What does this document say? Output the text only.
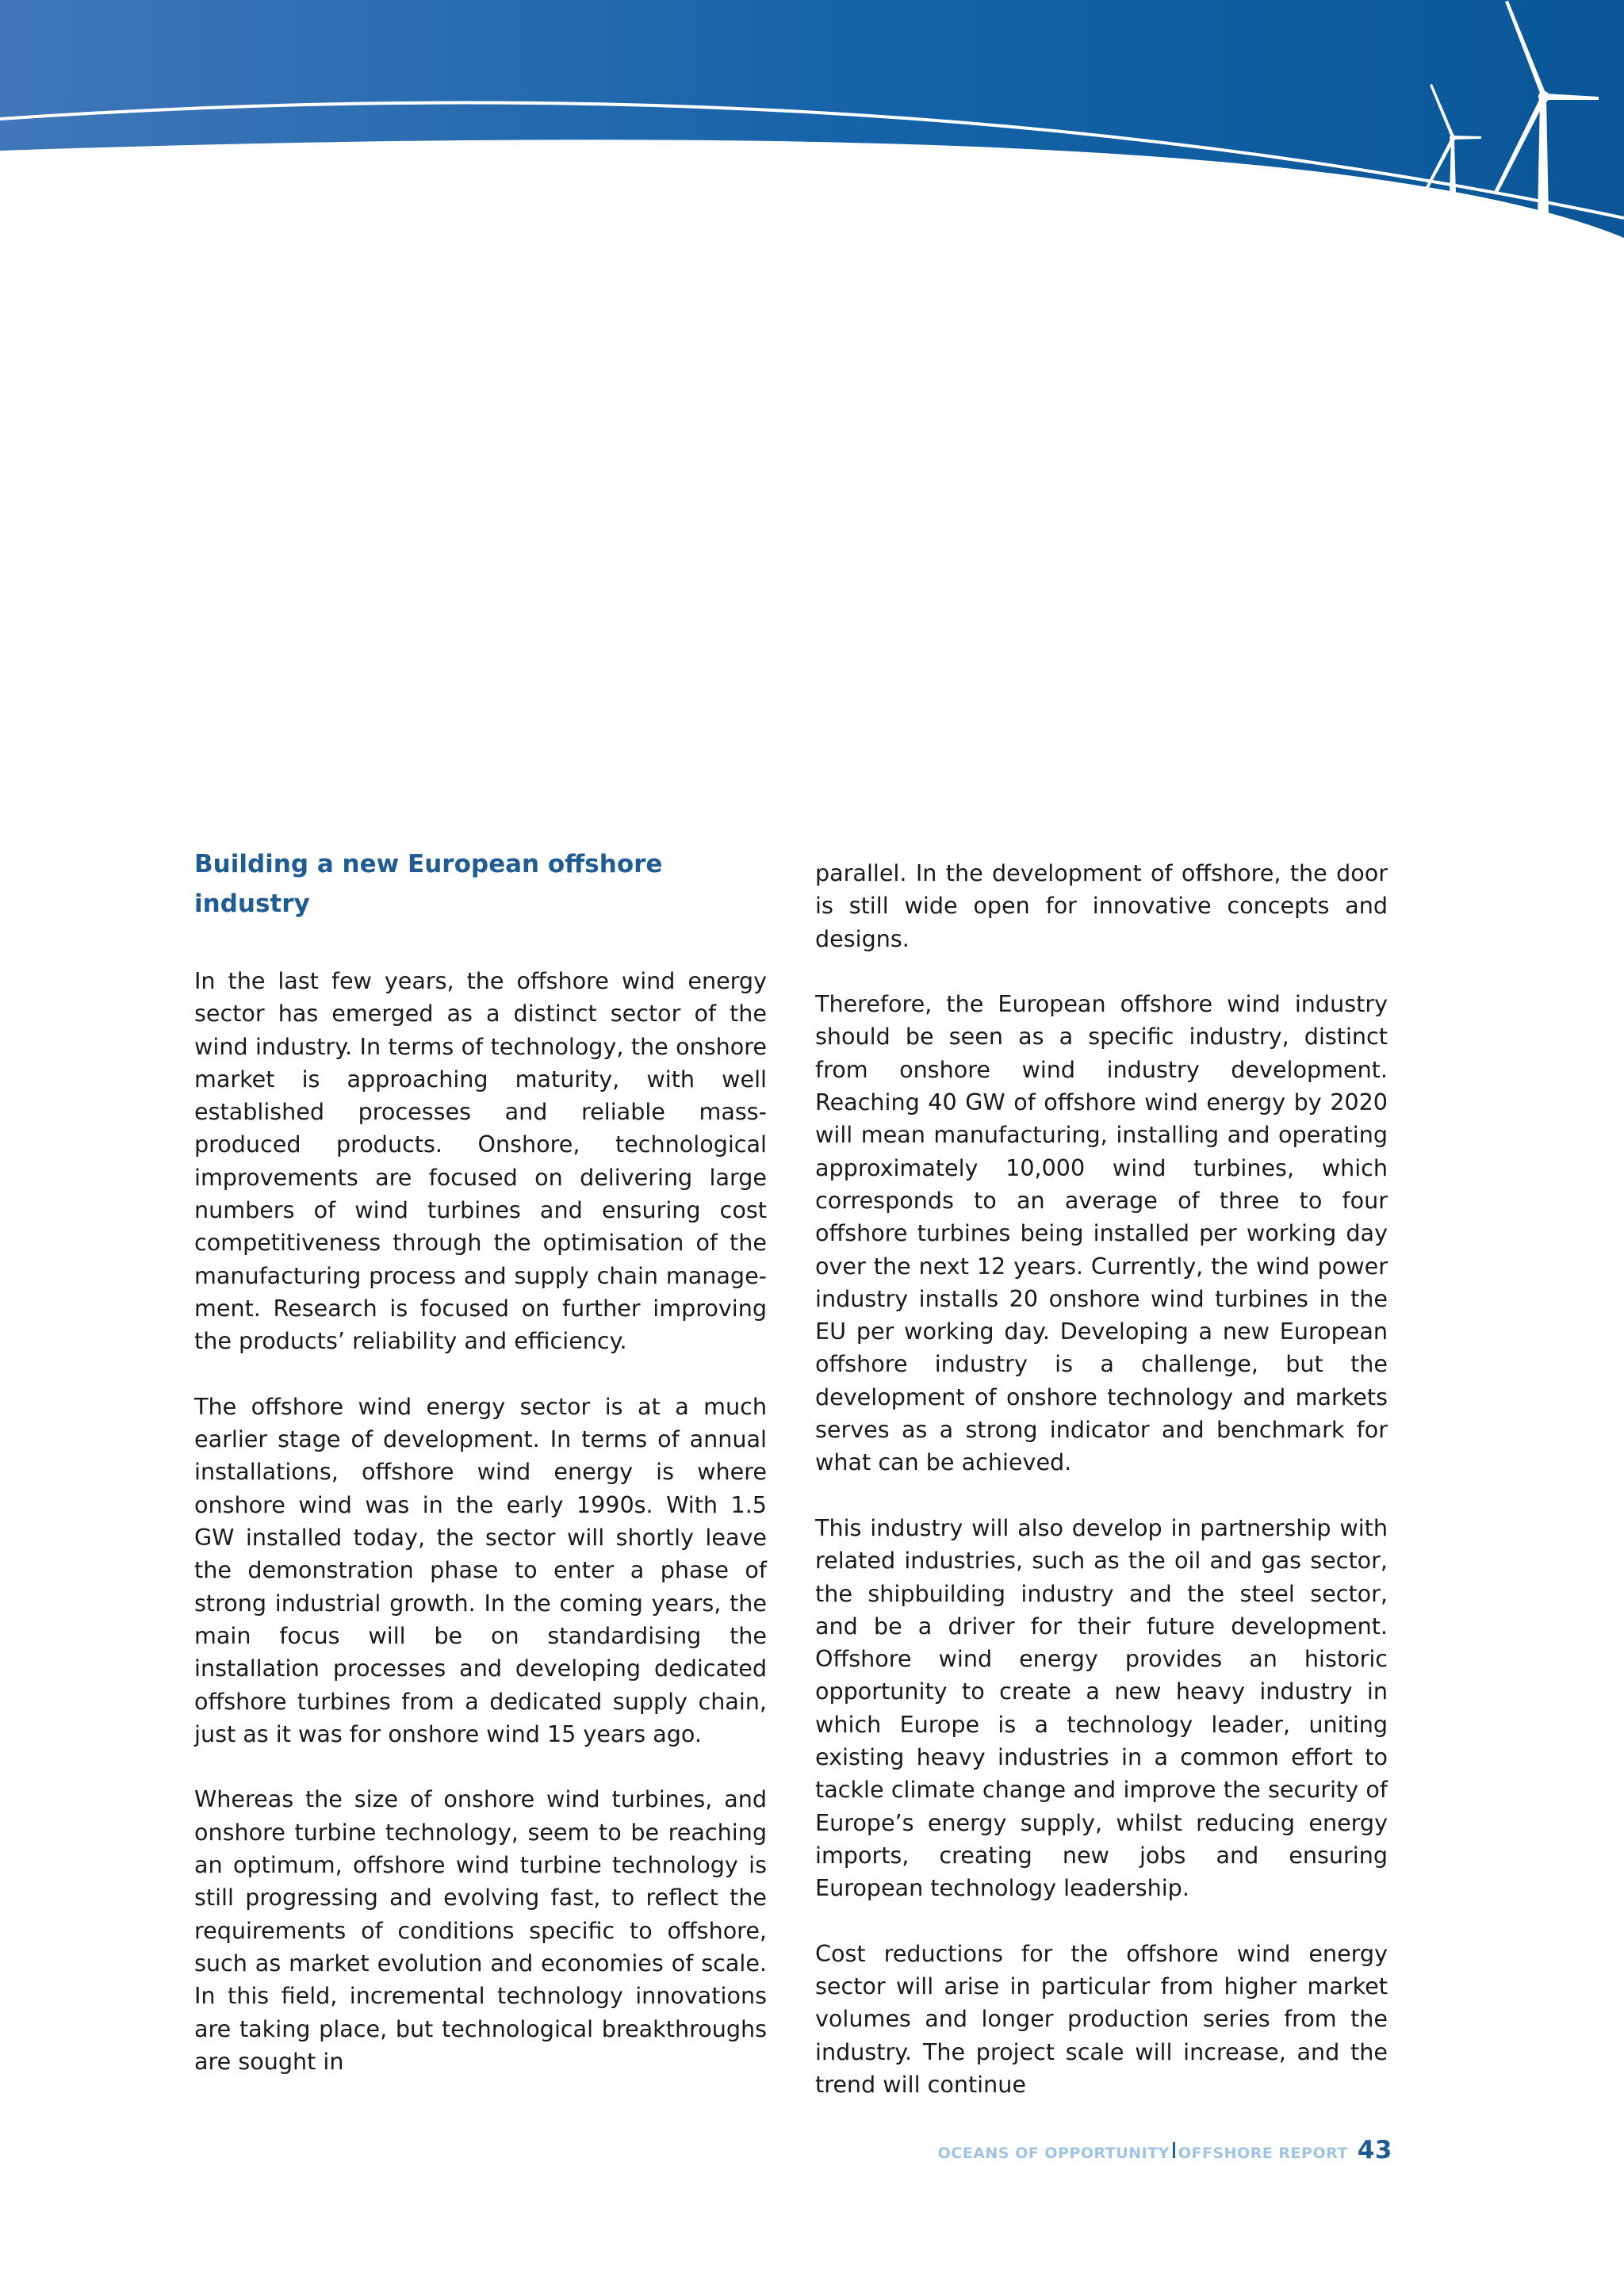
Building a new European offshore industry

In the last few years, the offshore wind energy sector has emerged as a distinct sector of the wind industry. In terms of technology, the onshore market is approaching maturity, with well established processes and reliable mass-produced products. Onshore, technological improvements are focused on delivering large numbers of wind turbines and ensuring cost competitiveness through the optimisation of the manufacturing process and supply chain management. Research is focused on further improving the products’ reliability and efficiency.

The offshore wind energy sector is at a much earlier stage of development. In terms of annual installations, offshore wind energy is where onshore wind was in the early 1990s. With 1.5 GW installed today, the sector will shortly leave the demonstration phase to enter a phase of strong industrial growth. In the coming years, the main focus will be on standardising the installation processes and developing dedicated offshore turbines from a dedicated supply chain, just as it was for onshore wind 15 years ago.

Whereas the size of onshore wind turbines, and onshore turbine technology, seem to be reaching an optimum, offshore wind turbine technology is still progressing and evolving fast, to reflect the requirements of conditions specific to offshore, such as market evolution and economies of scale. In this field, incremental technology innovations are taking place, but technological breakthroughs are sought in

parallel. In the development of offshore, the door is still wide open for innovative concepts and designs.

Therefore, the European offshore wind industry should be seen as a specific industry, distinct from onshore wind industry development. Reaching 40 GW of offshore wind energy by 2020 will mean manufacturing, installing and operating approximately 10,000 wind turbines, which corresponds to an average of three to four offshore turbines being installed per working day over the next 12 years. Currently, the wind power industry installs 20 onshore wind turbines in the EU per working day. Developing a new European offshore industry is a challenge, but the development of onshore technology and markets serves as a strong indicator and benchmark for what can be achieved.

This industry will also develop in partnership with related industries, such as the oil and gas sector, the shipbuilding industry and the steel sector, and be a driver for their future development. Offshore wind energy provides an historic opportunity to create a new heavy industry in which Europe is a technology leader, uniting existing heavy industries in a common effort to tackle climate change and improve the security of Europe’s energy supply, whilst reducing energy imports, creating new jobs and ensuring European technology leadership.

Cost reductions for the offshore wind energy sector will arise in particular from higher market volumes and longer production series from the industry. The project scale will increase, and the trend will continue

OCEANS OF OPPORTUNITY OFFSHORE REPORT 43
